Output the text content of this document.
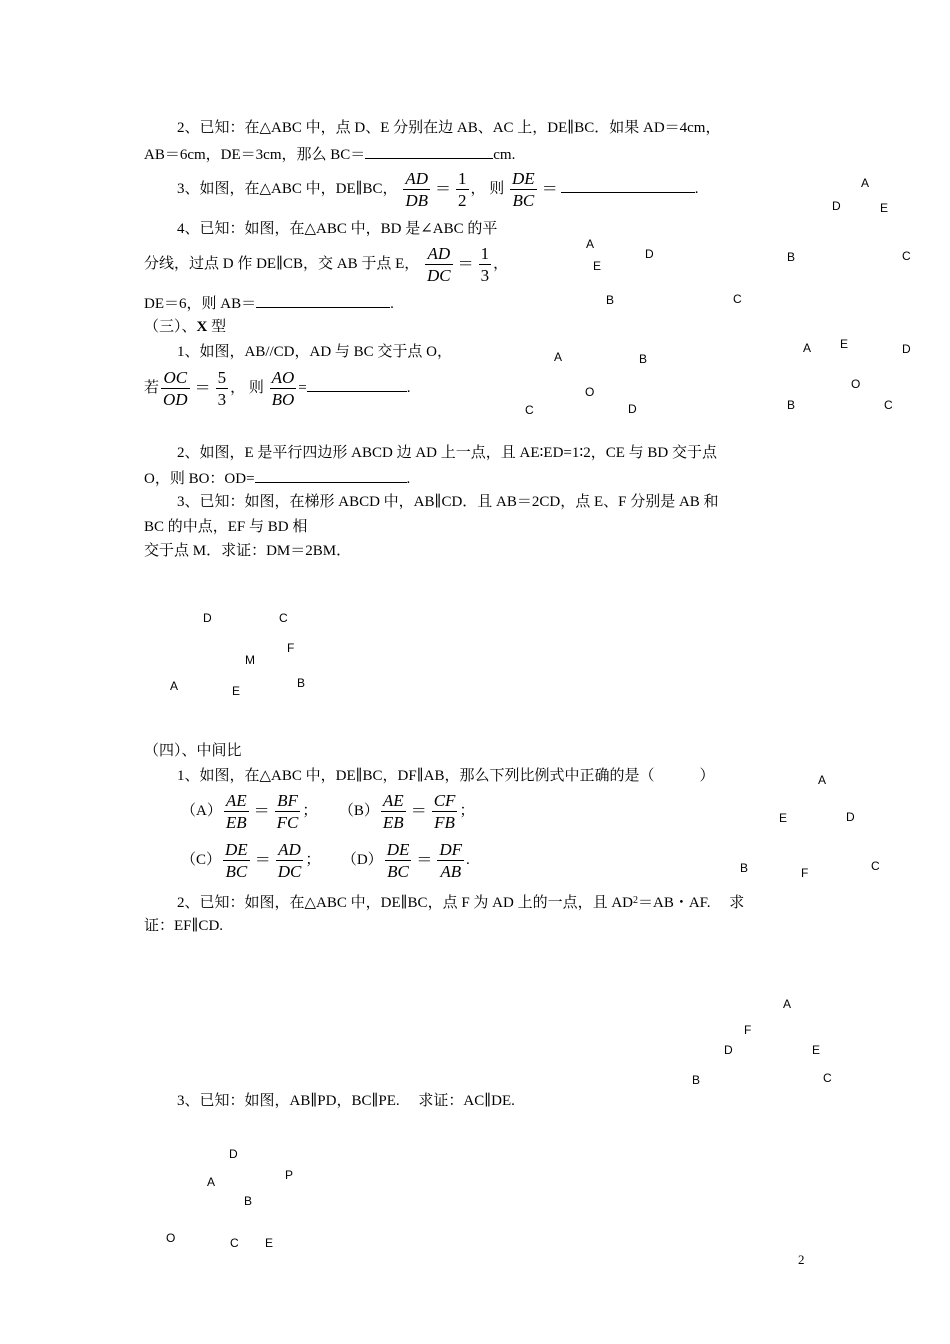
2、已知：在△ABC 中，点 D、E 分别在边 AB、AC 上，DE∥BC．如果 AD＝4cm，
AB＝6cm，DE＝3cm，那么 BC＝	cm.
3、如图，在△ABC 中，DE∥BC， $\frac{AD}{DB} = \frac{1}{2}$ ， 则 $\frac{DE}{BC}$ ＝	.
4、已知：如图，在△ABC 中，BD 是∠ABC 的平
分线，过点 D 作 DE∥CB，交 AB 于点 E， $\frac{AD}{DC} = \frac{1}{3}$ ，
DE＝6，则 AB＝	.
（三）、X 型
1、如图，AB//CD，AD 与 BC 交于点 O，
若 $\frac{OC}{OD} = \frac{5}{3}$ ， 则 $\frac{AO}{BO}$ =	.
2、如图，E 是平行四边形 ABCD 边 AD 上一点，且 AE∶ED=1∶2，CE 与 BD 交于点
O，则 BO：OD=	.
3、已知：如图，在梯形 ABCD 中，AB∥CD．且 AB＝2CD，点 E、F 分别是 AB 和
BC 的中点，EF 与 BD 相
交于点 M．求证：DM＝2BM．
（四）、中间比
1、如图，在△ABC 中，DE∥BC，DF∥AB，那么下列比例式中正确的是（　　　）
$(A) \frac{AE}{EB} = \frac{BF}{FC}$ ； $(B) \frac{AE}{EB} = \frac{CF}{FB}$ ；
$(C) \frac{DE}{BC} = \frac{AD}{DC}$ ； $(D) \frac{DE}{BC} = \frac{DF}{AB}$ .
2、已知：如图，在△ABC 中，DE∥BC，点 F 为 AD 上的一点，且 $AD^2=AB$・AF.　 求
证：EF∥CD.
3、已知：如图，AB∥PD，BC∥PE.　 求证：AC∥DE.
A
D	E
B	C
A
D
E
B	C
A	B
O
C	D
A E	D
O
B	C
D	C
F
M
A	E
B
A
E	D
B	F	C
A
F
D	E
B	C
D
P
A
B
O	C E
2
